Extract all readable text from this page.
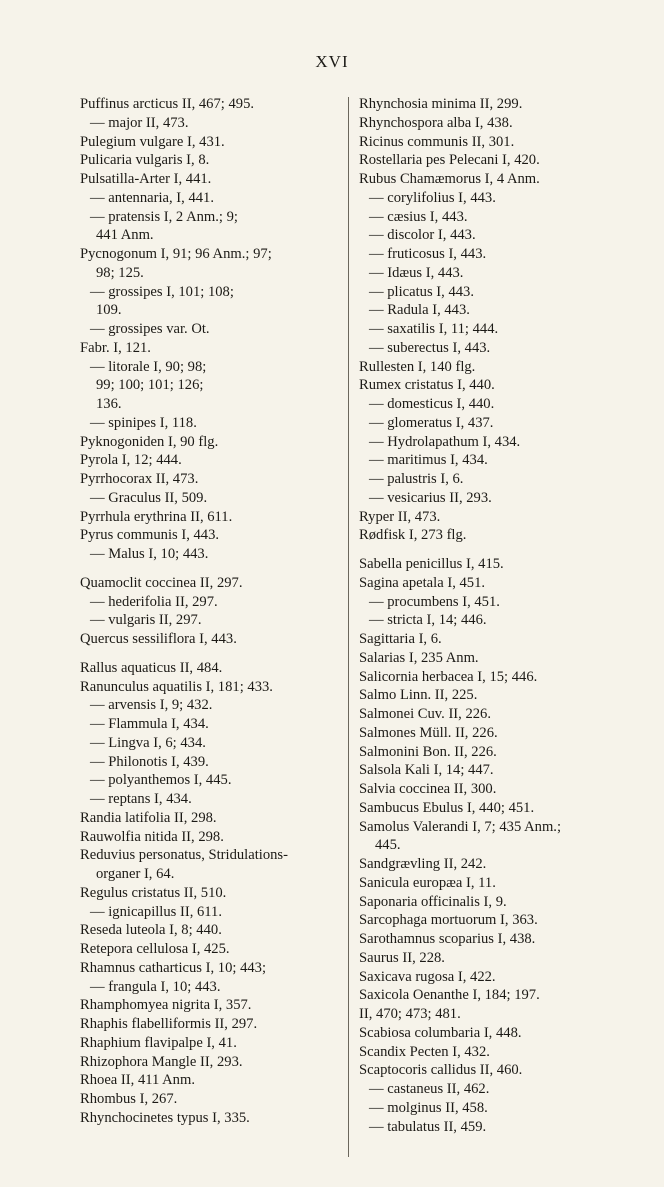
XVI
Puffinus arcticus II, 467; 495.
— major II, 473.
Pulegium vulgare I, 431.
Pulicaria vulgaris I, 8.
Pulsatilla-Arter I, 441.
— antennaria, I, 441.
— pratensis I, 2 Anm.; 9;
441 Anm.
Pycnogonum I, 91; 96 Anm.; 97;
98; 125.
— grossipes I, 101; 108;
109.
— grossipes var. Ot.
Fabr. I, 121.
— litorale I, 90; 98;
99; 100; 101; 126;
136.
— spinipes I, 118.
Pyknogoniden I, 90 flg.
Pyrola I, 12; 444.
Pyrrhocorax II, 473.
— Graculus II, 509.
Pyrrhula erythrina II, 611.
Pyrus communis I, 443.
— Malus I, 10; 443.
Quamoclit coccinea II, 297.
— hederifolia II, 297.
— vulgaris II, 297.
Quercus sessiliflora I, 443.
Rallus aquaticus II, 484.
Ranunculus aquatilis I, 181; 433.
— arvensis I, 9; 432.
— Flammula I, 434.
— Lingva I, 6; 434.
— Philonotis I, 439.
— polyanthemos I, 445.
— reptans I, 434.
Randia latifolia II, 298.
Rauwolfia nitida II, 298.
Reduvius personatus, Stridulations-
organer I, 64.
Regulus cristatus II, 510.
— ignicapillus II, 611.
Reseda luteola I, 8; 440.
Retepora cellulosa I, 425.
Rhamnus catharticus I, 10; 443;
— frangula I, 10; 443.
Rhamphomyea nigrita I, 357.
Rhaphis flabelliformis II, 297.
Rhaphium flavipalpe I, 41.
Rhizophora Mangle II, 293.
Rhoea II, 411 Anm.
Rhombus I, 267.
Rhynchocinetes typus I, 335.
Rhynchosia minima II, 299.
Rhynchospora alba I, 438.
Ricinus communis II, 301.
Rostellaria pes Pelecani I, 420.
Rubus Chamæmorus I, 4 Anm.
— corylifolius I, 443.
— cæsius I, 443.
— discolor I, 443.
— fruticosus I, 443.
— Idæus I, 443.
— plicatus I, 443.
— Radula I, 443.
— saxatilis I, 11; 444.
— suberectus I, 443.
Rullesten I, 140 flg.
Rumex cristatus I, 440.
— domesticus I, 440.
— glomeratus I, 437.
— Hydrolapathum I, 434.
— maritimus I, 434.
— palustris I, 6.
— vesicarius II, 293.
Ryper II, 473.
Rødfisk I, 273 flg.
Sabella penicillus I, 415.
Sagina apetala I, 451.
— procumbens I, 451.
— stricta I, 14; 446.
Sagittaria I, 6.
Salarias I, 235 Anm.
Salicornia herbacea I, 15; 446.
Salmo Linn. II, 225.
Salmonei Cuv. II, 226.
Salmones Müll. II, 226.
Salmonini Bon. II, 226.
Salsola Kali I, 14; 447.
Salvia coccinea II, 300.
Sambucus Ebulus I, 440; 451.
Samolus Valerandi I, 7; 435 Anm.;
445.
Sandgrævling II, 242.
Sanicula europæa I, 11.
Saponaria officinalis I, 9.
Sarcophaga mortuorum I, 363.
Sarothamnus scoparius I, 438.
Saurus II, 228.
Saxicava rugosa I, 422.
Saxicola Oenanthe I, 184; 197.
II, 470; 473; 481.
Scabiosa columbaria I, 448.
Scandix Pecten I, 432.
Scaptocoris callidus II, 460.
— castaneus II, 462.
— molginus II, 458.
— tabulatus II, 459.
